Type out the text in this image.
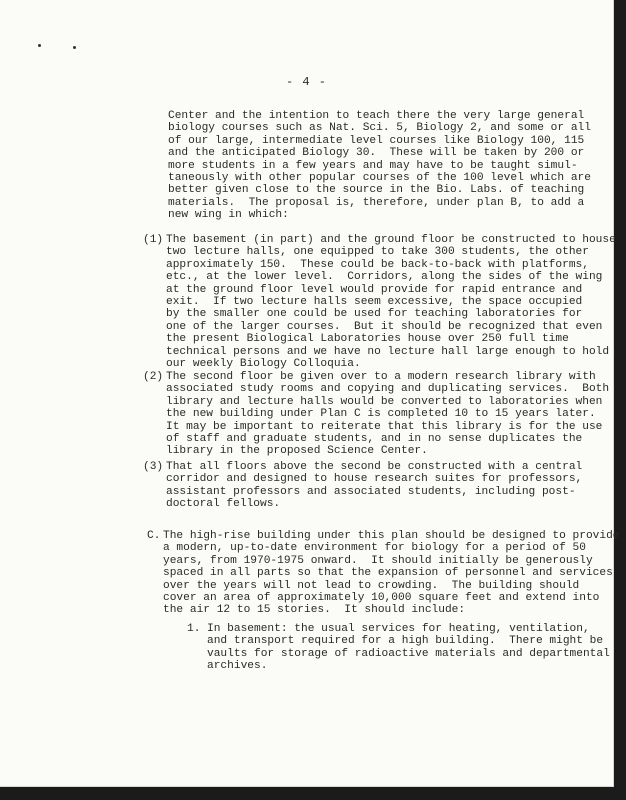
- 4 -
Center and the intention to teach there the very large general
biology courses such as Nat. Sci. 5, Biology 2, and some or all
of our large, intermediate level courses like Biology 100, 115
and the anticipated Biology 30.  These will be taken by 200 or
more students in a few years and may have to be taught simul-
taneously with other popular courses of the 100 level which are
better given close to the source in the Bio. Labs. of teaching
materials.  The proposal is, therefore, under plan B, to add a
new wing in which:
(1) The basement (in part) and the ground floor be constructed to house
two lecture halls, one equipped to take 300 students, the other
approximately 150.  These could be back-to-back with platforms,
etc., at the lower level.  Corridors, along the sides of the wing
at the ground floor level would provide for rapid entrance and
exit.  If two lecture halls seem excessive, the space occupied
by the smaller one could be used for teaching laboratories for
one of the larger courses.  But it should be recognized that even
the present Biological Laboratories house over 250 full time
technical persons and we have no lecture hall large enough to hold
our weekly Biology Colloquia.
(2) The second floor be given over to a modern research library with
associated study rooms and copying and duplicating services.  Both
library and lecture halls would be converted to laboratories when
the new building under Plan C is completed 10 to 15 years later.
It may be important to reiterate that this library is for the use
of staff and graduate students, and in no sense duplicates the
library in the proposed Science Center.
(3) That all floors above the second be constructed with a central
corridor and designed to house research suites for professors,
assistant professors and associated students, including post-
doctoral fellows.
C. The high-rise building under this plan should be designed to provide
a modern, up-to-date environment for biology for a period of 50
years, from 1970-1975 onward.  It should initially be generously
spaced in all parts so that the expansion of personnel and services
over the years will not lead to crowding.  The building should
cover an area of approximately 10,000 square feet and extend into
the air 12 to 15 stories.  It should include:
1. In basement: the usual services for heating, ventilation,
and transport required for a high building.  There might be
vaults for storage of radioactive materials and departmental
archives.
